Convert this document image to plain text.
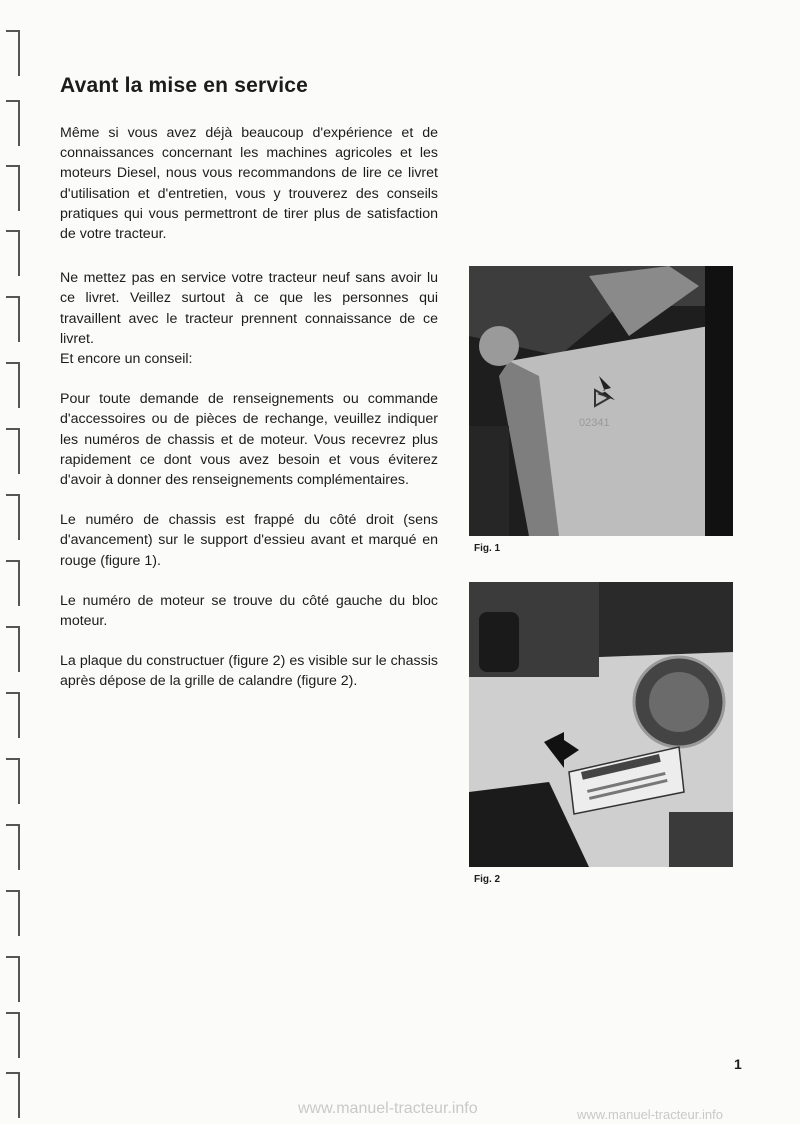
Avant la mise en service

Même si vous avez déjà beaucoup d'expérience et de connaissances concernant les machines agricoles et les moteurs Diesel, nous vous recommandons de lire ce livret d'utilisation et d'entretien, vous y trouverez des conseils pratiques qui vous permettront de tirer plus de satisfaction de votre tracteur.

Ne mettez pas en service votre tracteur neuf sans avoir lu ce livret. Veillez surtout à ce que les personnes qui travaillent avec le tracteur prennent connaissance de ce livret.

Et encore un conseil:

Pour toute demande de renseignements ou commande d'accessoires ou de pièces de rechange, veuillez indiquer les numéros de chassis et de moteur. Vous recevrez plus rapidement ce dont vous avez besoin et vous éviterez d'avoir à donner des renseignements complémentaires.

Le numéro de chassis est frappé du côté droit (sens d'avancement) sur le support d'essieu avant et marqué en rouge (figure 1).

Le numéro de moteur se trouve du côté gauche du bloc moteur.

La plaque du constructuer (figure 2) es visible sur le chassis après dépose de la grille de calandre (figure 2).

02341
Fig. 1
Fig. 2
1
www.manuel-tracteur.info	www.manuel-tracteur.info
